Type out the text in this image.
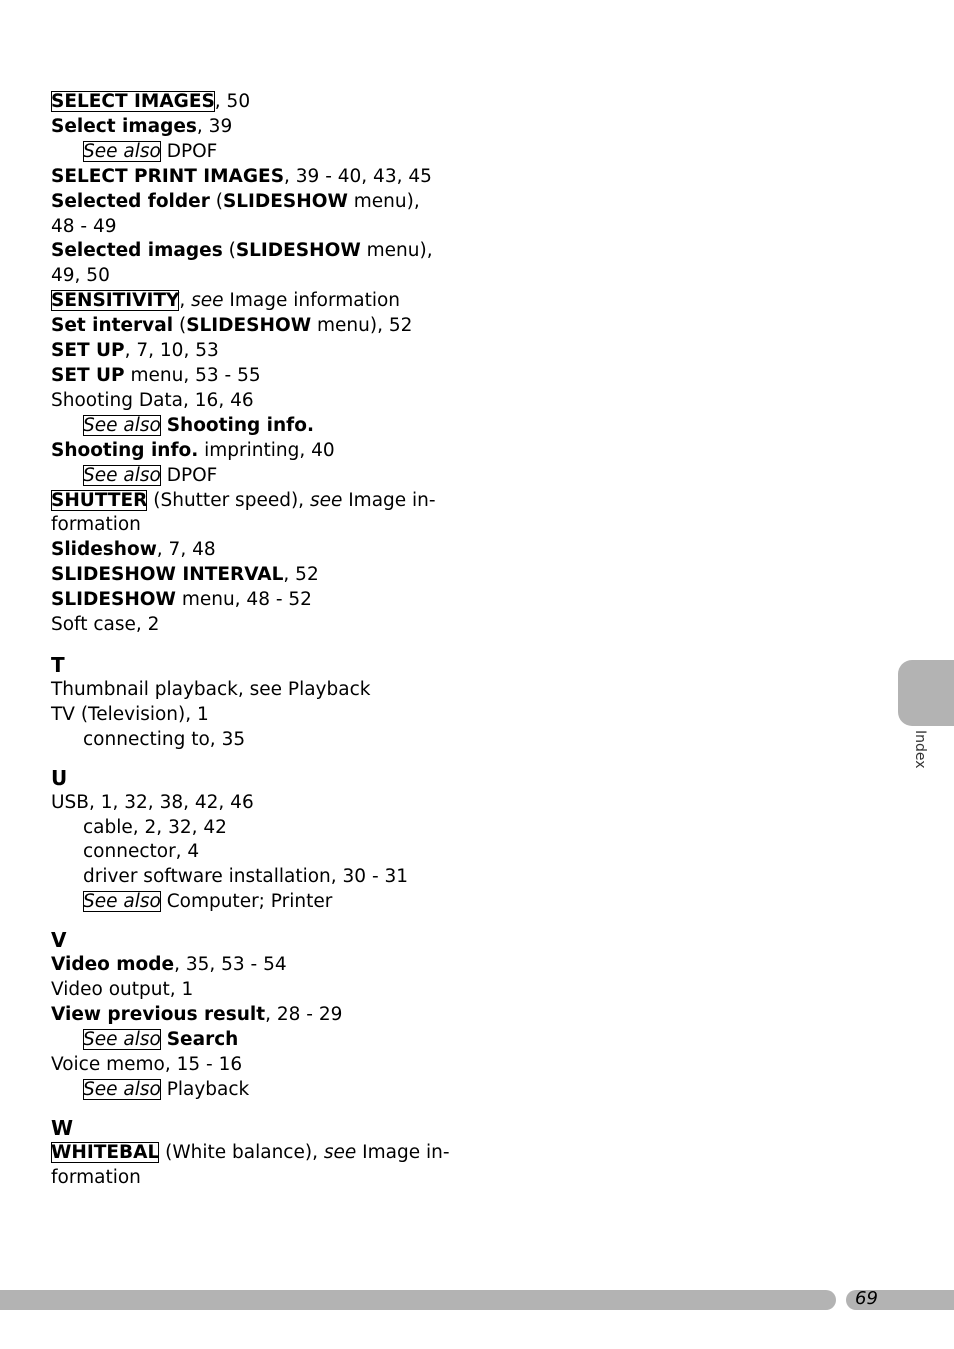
SELECT IMAGES, 50
Select images, 39
See also DPOF
SELECT PRINT IMAGES, 39 - 40, 43, 45
Selected folder (SLIDESHOW menu),
48 - 49
Selected images (SLIDESHOW menu),
49, 50
SENSITIVITY, see Image information
Set interval (SLIDESHOW menu), 52
SET UP, 7, 10, 53
SET UP menu, 53 - 55
Shooting Data, 16, 46
See also Shooting info.
Shooting info. imprinting, 40
See also DPOF
SHUTTER (Shutter speed), see Image in-
formation
Slideshow, 7, 48
SLIDESHOW INTERVAL, 52
SLIDESHOW menu, 48 - 52
Soft case, 2
T
Thumbnail playback, see Playback
TV (Television), 1
connecting to, 35
U
USB, 1, 32, 38, 42, 46
cable, 2, 32, 42
connector, 4
driver software installation, 30 - 31
See also Computer; Printer
V
Video mode, 35, 53 - 54
Video output, 1
View previous result, 28 - 29
See also Search
Voice memo, 15 - 16
See also Playback
W
WHITEBAL (White balance), see Image in-
formation
Index
69
